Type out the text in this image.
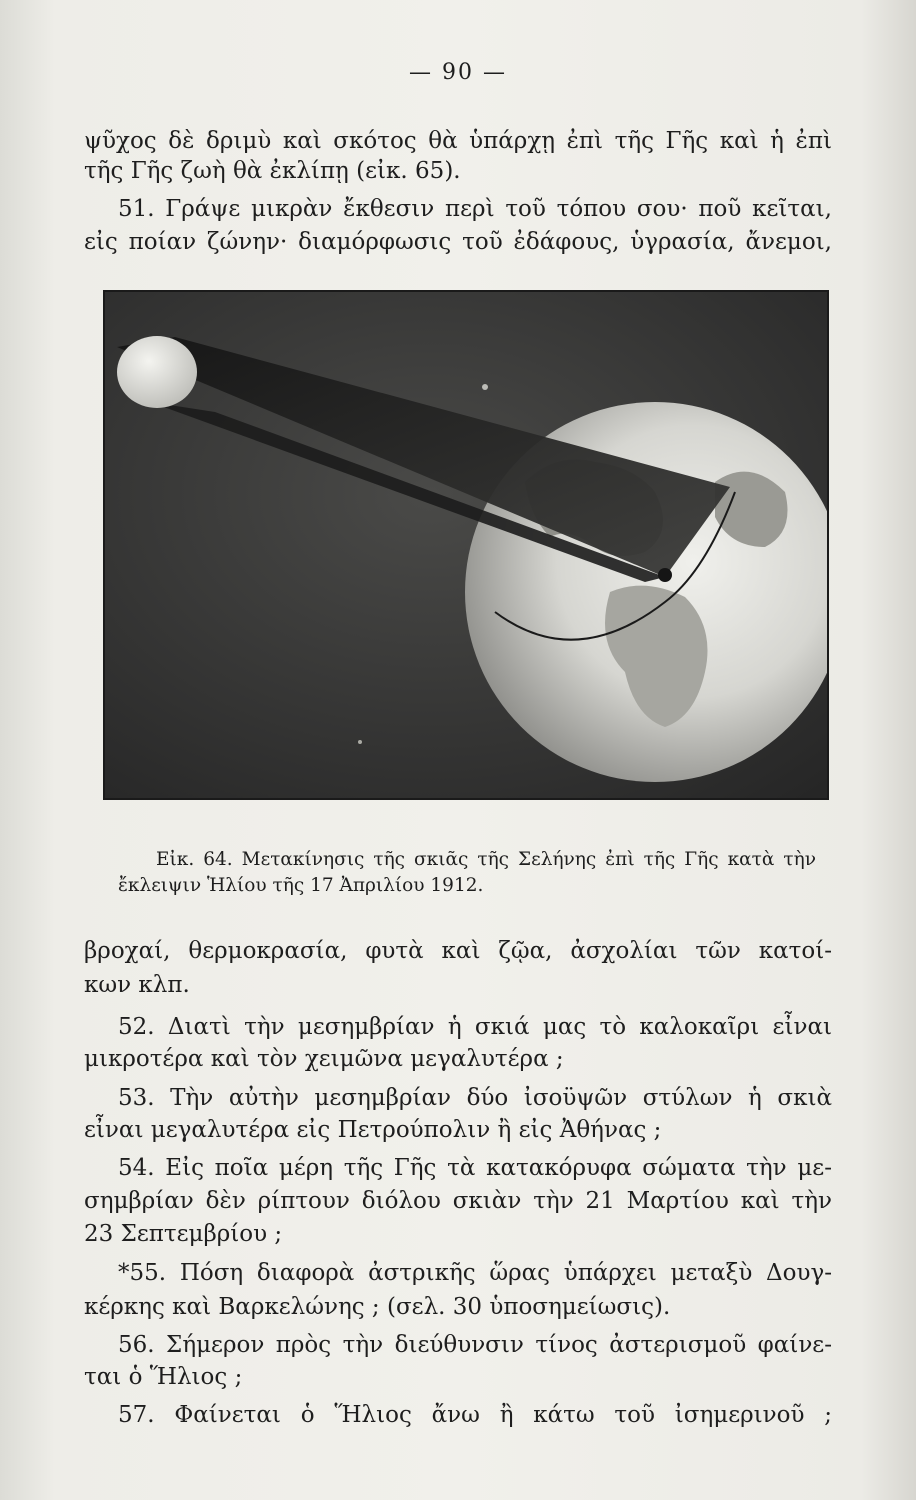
— 90 —
ψῦχος δὲ δριμὺ καὶ σκότος θὰ ὑπάρχῃ ἐπὶ τῆς Γῆς καὶ ἡ ἐπὶ
τῆς Γῆς ζωὴ θὰ ἐκλίπῃ (εἰκ. 65).
51. Γράψε μικρὰν ἔκθεσιν περὶ τοῦ τόπου σου· ποῦ κεῖται,
εἰς ποίαν ζώνην· διαμόρφωσις τοῦ ἐδάφους, ὑγρασία, ἄνεμοι,
Εἰκ. 64. Μετακίνησις τῆς σκιᾶς τῆς Σελήνης ἐπὶ τῆς Γῆς κατὰ τὴν
ἔκλειψιν Ἡλίου τῆς 17 Ἀπριλίου 1912.
βροχαί, θερμοκρασία, φυτὰ καὶ ζῷα, ἀσχολίαι τῶν κατοί-
κων κλπ.
52. Διατὶ τὴν μεσημβρίαν ἡ σκιά μας τὸ καλοκαῖρι εἶναι
μικροτέρα καὶ τὸν χειμῶνα μεγαλυτέρα ;
53. Τὴν αὐτὴν μεσημβρίαν δύο ἰσοϋψῶν στύλων ἡ σκιὰ
εἶναι μεγαλυτέρα εἰς Πετρούπολιν ἢ εἰς Ἀθήνας ;
54. Εἰς ποῖα μέρη τῆς Γῆς τὰ κατακόρυφα σώματα τὴν με-
σημβρίαν δὲν ρίπτουν διόλου σκιὰν τὴν 21 Μαρτίου καὶ τὴν
23 Σεπτεμβρίου ;
*55. Πόση διαφορὰ ἀστρικῆς ὥρας ὑπάρχει μεταξὺ Δουγ-
κέρκης καὶ Βαρκελώνης ; (σελ. 30 ὑποσημείωσις).
56. Σήμερον πρὸς τὴν διεύθυνσιν τίνος ἀστερισμοῦ φαίνε-
ται ὁ Ἥλιος ;
57. Φαίνεται ὁ Ἥλιος ἄνω ἢ κάτω τοῦ ἰσημερινοῦ ;
